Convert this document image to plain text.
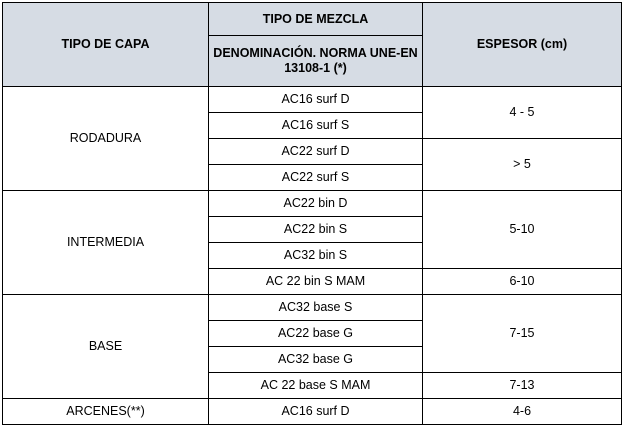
TIPO DE CAPA	TIPO DE MEZCLA	ESPESOR (cm)
	DENOMINACIÓN. NORMA UNE-EN 13108-1 (*)	
RODADURA	AC16 surf D	4 - 5
	AC16 surf S	
	AC22 surf D	> 5
	AC22 surf S	
INTERMEDIA	AC22 bin D	5-10
	AC22 bin S	
	AC32 bin S	
	AC 22 bin S MAM	6-10
BASE	AC32 base S	7-15
	AC22 base G	
	AC32 base G	
	AC 22 base S MAM	7-13
ARCENES(**)	AC16 surf D	4-6
